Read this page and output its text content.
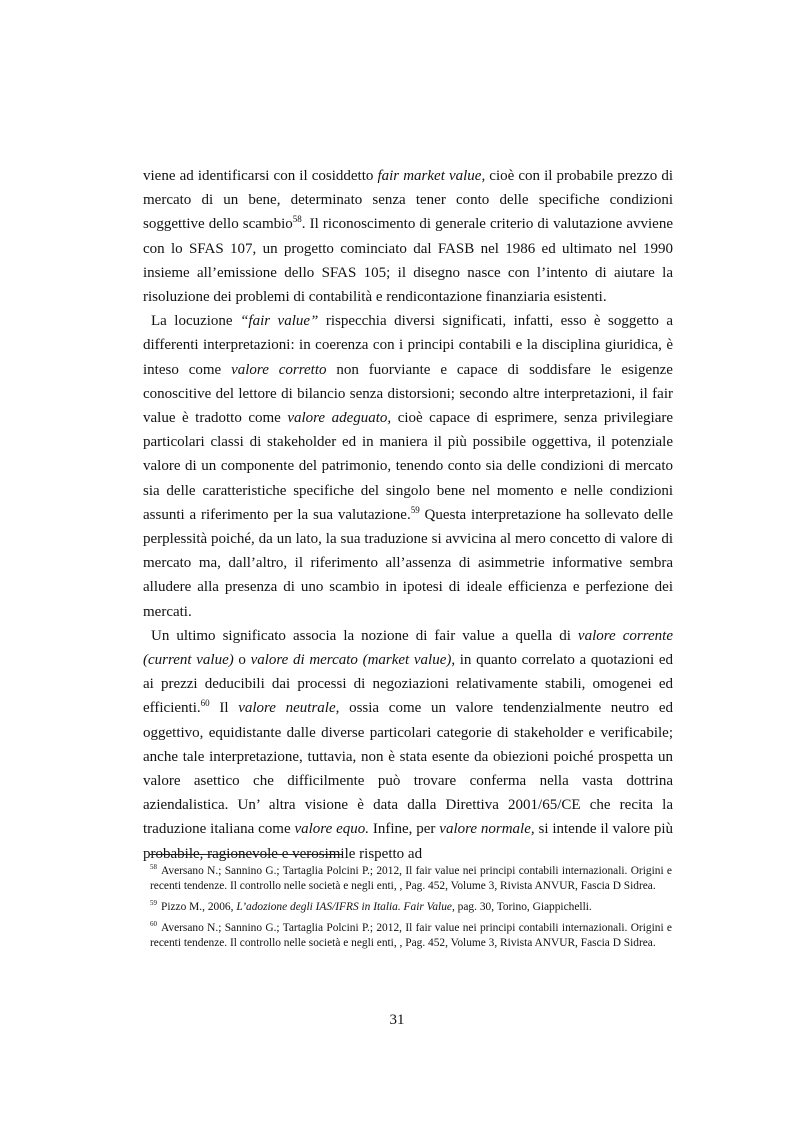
viene ad identificarsi con il cosiddetto fair market value, cioè con il probabile prezzo di mercato di un bene, determinato senza tener conto delle specifiche condizioni soggettive dello scambio$^{58}$. Il riconoscimento di generale criterio di valutazione avviene con lo SFAS 107, un progetto cominciato dal FASB nel 1986 ed ultimato nel 1990 insieme all’emissione dello SFAS 105; il disegno nasce con l’intento di aiutare la risoluzione dei problemi di contabilità e rendicontazione finanziaria esistenti.

La locuzione “fair value” rispecchia diversi significati, infatti, esso è soggetto a differenti interpretazioni: in coerenza con i principi contabili e la disciplina giuridica, è inteso come valore corretto non fuorviante e capace di soddisfare le esigenze conoscitive del lettore di bilancio senza distorsioni; secondo altre interpretazioni, il fair value è tradotto come valore adeguato, cioè capace di esprimere, senza privilegiare particolari classi di stakeholder ed in maniera il più possibile oggettiva, il potenziale valore di un componente del patrimonio, tenendo conto sia delle condizioni di mercato sia delle caratteristiche specifiche del singolo bene nel momento e nelle condizioni assunti a riferimento per la sua valutazione.$^{59}$ Questa interpretazione ha sollevato delle perplessità poiché, da un lato, la sua traduzione si avvicina al mero concetto di valore di mercato ma, dall’altro, il riferimento all’assenza di asimmetrie informative sembra alludere alla presenza di uno scambio in ipotesi di ideale efficienza e perfezione dei mercati.

Un ultimo significato associa la nozione di fair value a quella di valore corrente (current value) o valore di mercato (market value), in quanto correlato a quotazioni ed ai prezzi deducibili dai processi di negoziazioni relativamente stabili, omogenei ed efficienti.$^{60}$ Il valore neutrale, ossia come un valore tendenzialmente neutro ed oggettivo, equidistante dalle diverse particolari categorie di stakeholder e verificabile; anche tale interpretazione, tuttavia, non è stata esente da obiezioni poiché prospetta un valore asettico che difficilmente può trovare conferma nella vasta dottrina aziendalistica. Un’ altra visione è data dalla Direttiva 2001/65/CE che recita la traduzione italiana come valore equo. Infine, per valore normale, si intende il valore più probabile, ragionevole e verosimile rispetto ad

$^{58}$ Aversano N.; Sannino G.; Tartaglia Polcini P.; 2012, Il fair value nei principi contabili internazionali. Origini e recenti tendenze. Il controllo nelle società e negli enti, , Pag. 452, Volume 3, Rivista ANVUR, Fascia D Sidrea.

$^{59}$ Pizzo M., 2006, L’adozione degli IAS/IFRS in Italia. Fair Value, pag. 30, Torino, Giappichelli.

$^{60}$ Aversano N.; Sannino G.; Tartaglia Polcini P.; 2012, Il fair value nei principi contabili internazionali. Origini e recenti tendenze. Il controllo nelle società e negli enti, , Pag. 452, Volume 3, Rivista ANVUR, Fascia D Sidrea.

31
